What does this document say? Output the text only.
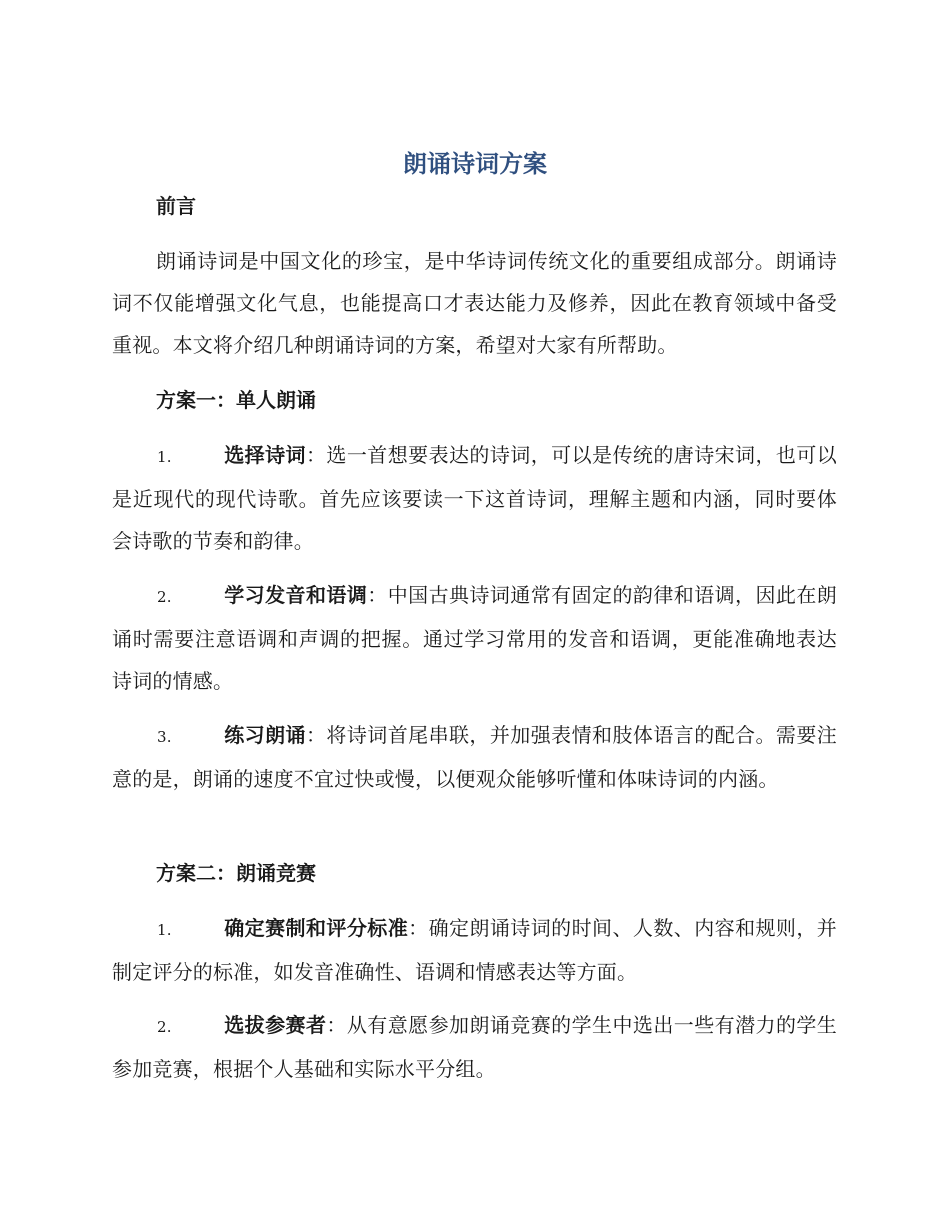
朗诵诗词方案
前言

朗诵诗词是中国文化的珍宝，是中华诗词传统文化的重要组成部分。朗诵诗词不仅能增强文化气息，也能提高口才表达能力及修养，因此在教育领域中备受重视。本文将介绍几种朗诵诗词的方案，希望对大家有所帮助。

方案一：单人朗诵

1.	选择诗词：选一首想要表达的诗词，可以是传统的唐诗宋词，也可以是近现代的现代诗歌。首先应该要读一下这首诗词，理解主题和内涵，同时要体会诗歌的节奏和韵律。

2.	学习发音和语调：中国古典诗词通常有固定的韵律和语调，因此在朗诵时需要注意语调和声调的把握。通过学习常用的发音和语调，更能准确地表达诗词的情感。

3.	练习朗诵：将诗词首尾串联，并加强表情和肢体语言的配合。需要注意的是，朗诵的速度不宜过快或慢，以便观众能够听懂和体味诗词的内涵。

方案二：朗诵竞赛

1.	确定赛制和评分标准：确定朗诵诗词的时间、人数、内容和规则，并制定评分的标准，如发音准确性、语调和情感表达等方面。

2.	选拔参赛者：从有意愿参加朗诵竞赛的学生中选出一些有潜力的学生参加竞赛，根据个人基础和实际水平分组。
